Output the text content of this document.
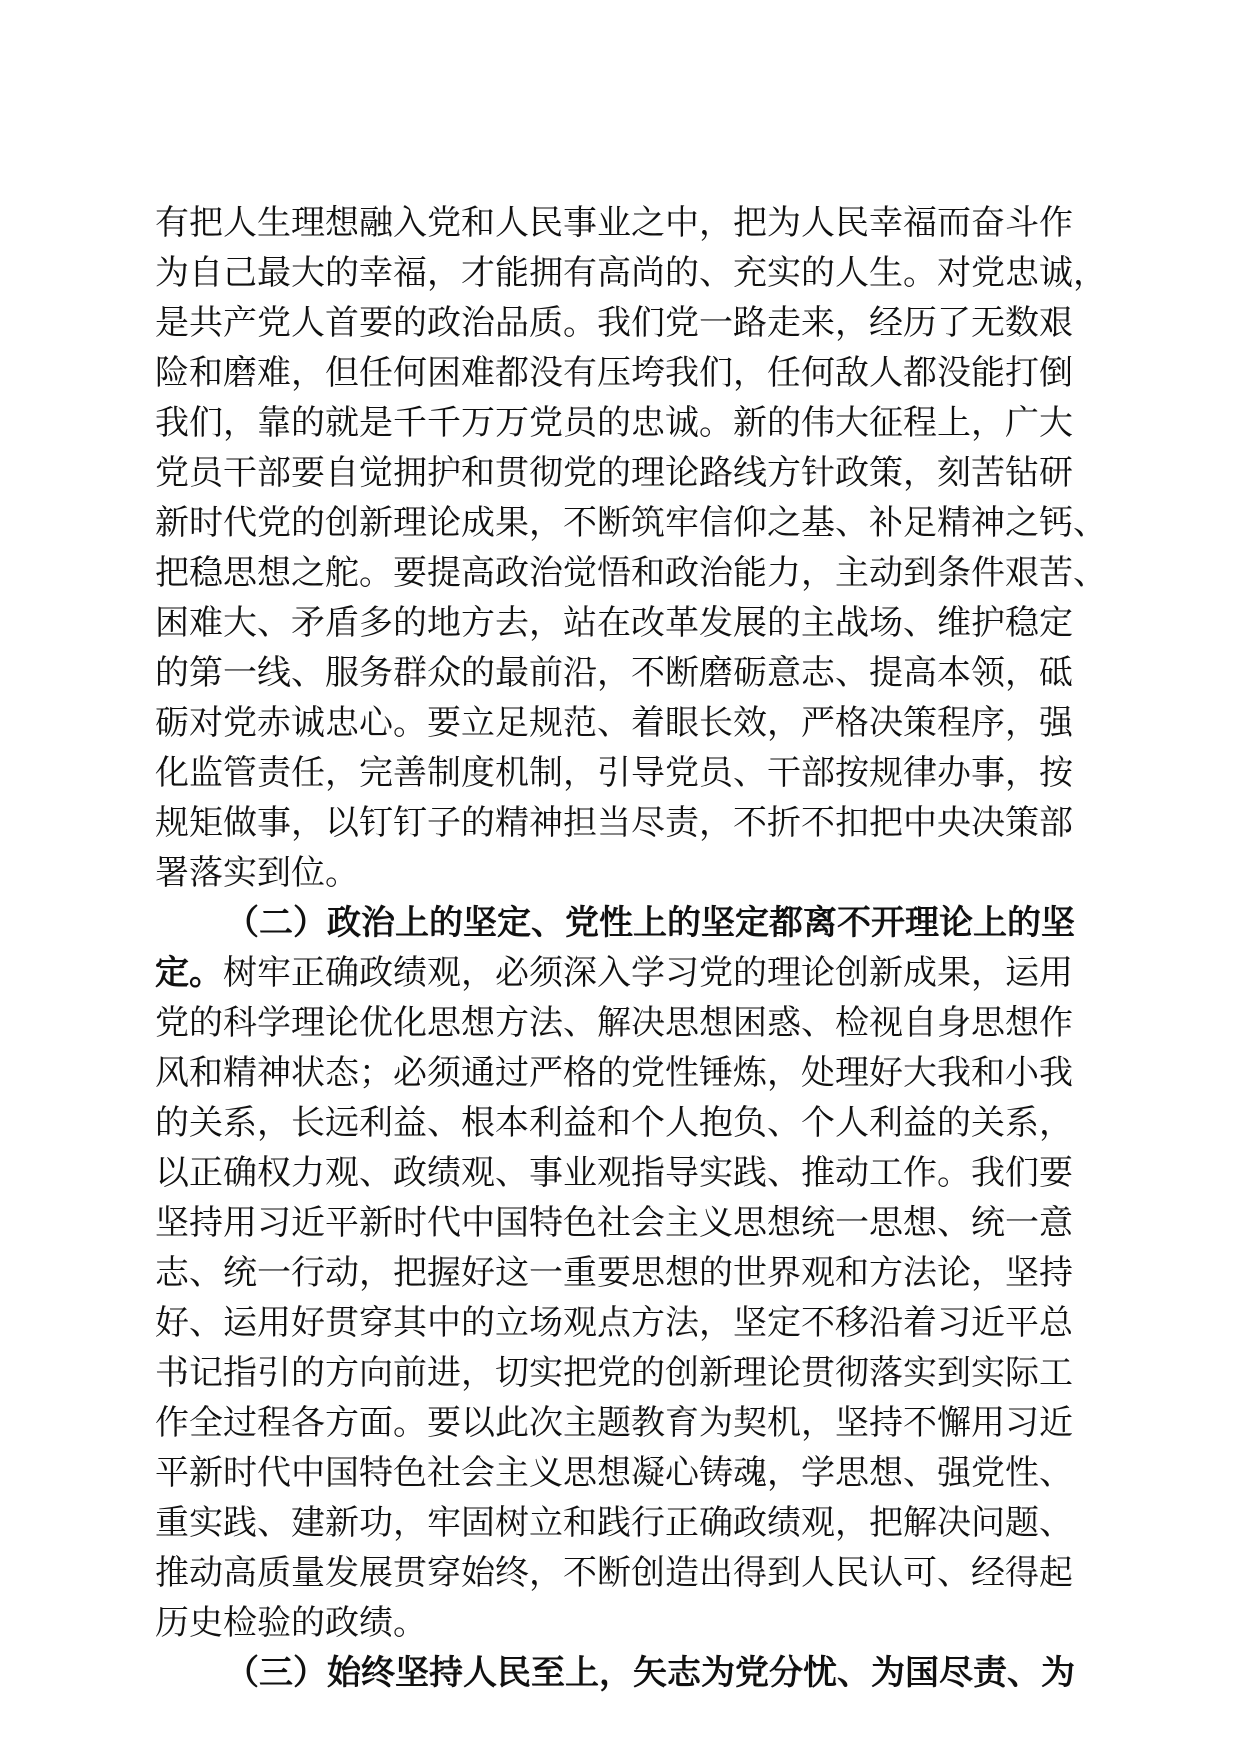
有把人生理想融入党和人民事业之中，把为人民幸福而奋斗作
为自己最大的幸福，才能拥有高尚的、充实的人生。对党忠诚，
是共产党人首要的政治品质。我们党一路走来，经历了无数艰
险和磨难，但任何困难都没有压垮我们，任何敌人都没能打倒
我们，靠的就是千千万万党员的忠诚。新的伟大征程上，广大
党员干部要自觉拥护和贯彻党的理论路线方针政策，刻苦钻研
新时代党的创新理论成果，不断筑牢信仰之基、补足精神之钙、
把稳思想之舵。要提高政治觉悟和政治能力，主动到条件艰苦、
困难大、矛盾多的地方去，站在改革发展的主战场、维护稳定
的第一线、服务群众的最前沿，不断磨砺意志、提高本领，砥
砺对党赤诚忠心。要立足规范、着眼长效，严格决策程序，强
化监管责任，完善制度机制，引导党员、干部按规律办事，按
规矩做事，以钉钉子的精神担当尽责，不折不扣把中央决策部
署落实到位。
（二）政治上的坚定、党性上的坚定都离不开理论上的坚
定。树牢正确政绩观，必须深入学习党的理论创新成果，运用
党的科学理论优化思想方法、解决思想困惑、检视自身思想作
风和精神状态；必须通过严格的党性锤炼，处理好大我和小我
的关系，长远利益、根本利益和个人抱负、个人利益的关系，
以正确权力观、政绩观、事业观指导实践、推动工作。我们要
坚持用习近平新时代中国特色社会主义思想统一思想、统一意
志、统一行动，把握好这一重要思想的世界观和方法论，坚持
好、运用好贯穿其中的立场观点方法，坚定不移沿着习近平总
书记指引的方向前进，切实把党的创新理论贯彻落实到实际工
作全过程各方面。要以此次主题教育为契机，坚持不懈用习近
平新时代中国特色社会主义思想凝心铸魂，学思想、强党性、
重实践、建新功，牢固树立和践行正确政绩观，把解决问题、
推动高质量发展贯穿始终，不断创造出得到人民认可、经得起
历史检验的政绩。
（三）始终坚持人民至上，矢志为党分忧、为国尽责、为
